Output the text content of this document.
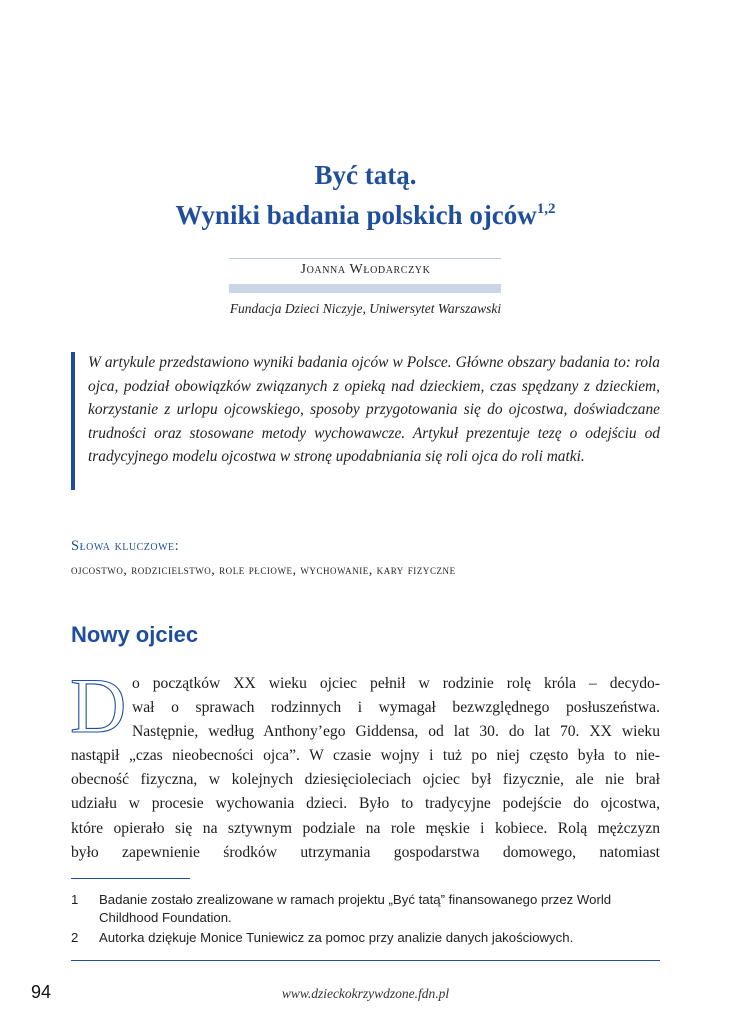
Być tatą.
Wyniki badania polskich ojców$^{1,2}$
Joanna Włodarczyk
Fundacja Dzieci Niczyje, Uniwersytet Warszawski
W artykule przedstawiono wyniki badania ojców w Polsce. Główne obszary badania to: rola ojca, podział obowiązków związanych z opieką nad dzieckiem, czas spędzany z dzieckiem, korzystanie z urlopu ojcowskiego, sposoby przygotowania się do ojcostwa, doświadczane trudności oraz stosowane metody wychowawcze. Artykuł prezentuje tezę o odejściu od tradycyjnego modelu ojcostwa w stronę upodabniania się roli ojca do roli matki.
Słowa kluczowe:
ojcostwo, rodzicielstwo, role płciowe, wychowanie, kary fizyczne
Nowy ojciec
D o początków XX wieku ojciec pełnił w rodzinie rolę króla – decydo-
wał o sprawach rodzinnych i wymagał bezwzględnego posłuszeństwa.
Następnie, według Anthony’ego Giddensa, od lat 30. do lat 70. XX wieku
nastąpił „czas nieobecności ojca”. W czasie wojny i tuż po niej często była to nie-
obecność fizyczna, w kolejnych dziesięcioleciach ojciec był fizycznie, ale nie brał
udziału w procesie wychowania dzieci. Było to tradycyjne podejście do ojcostwa,
które opierało się na sztywnym podziale na role męskie i kobiece. Rolą mężczyzn
było zapewnienie środków utrzymania gospodarstwa domowego, natomiast
1 Badanie zostało zrealizowane w ramach projektu „Być tatą” finansowanego przez World Childhood Foundation.
2 Autorka dziękuje Monice Tuniewicz za pomoc przy analizie danych jakościowych.
94	www.dzieckokrzywdzone.fdn.pl
